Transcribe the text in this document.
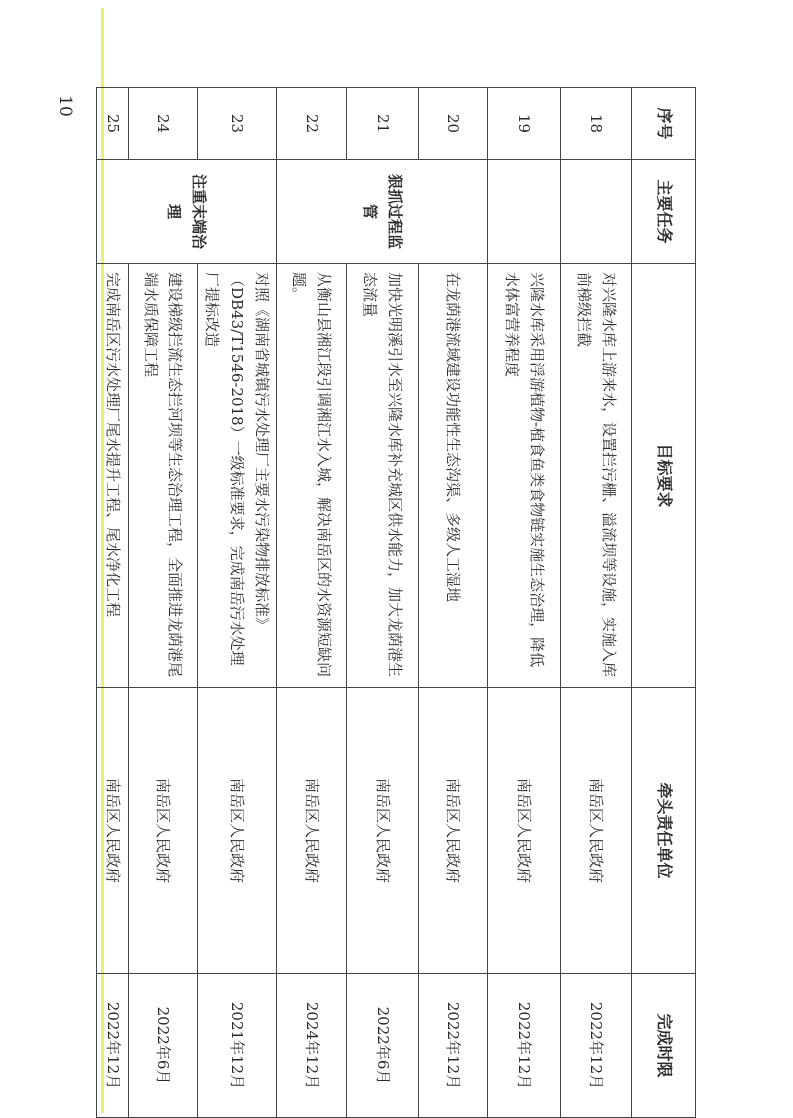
10
序号	主要任务	目标要求	牵头责任单位	完成时限
18		对兴隆水库上游来水，设置拦污栅、溢流坝等设施，实施入库前梯级拦截	南岳区人民政府	2022年12月
19		兴隆水库采用浮游植物-植食鱼类食物链实施生态治理，降低水体富营养程度	南岳区人民政府	2022年12月
20	狠抓过程监管	在龙荫港流域建设功能性生态沟渠、多级人工湿地	南岳区人民政府	2022年12月
21		加快光明溪引水至兴隆水库补充城区供水能力，加大龙荫港生态流量	南岳区人民政府	2022年6月
22		从衡山县湘江段引调湘江水入城，解决南岳区的水资源短缺问题。	南岳区人民政府	2024年12月
23	注重末端治理	对照《湖南省城镇污水处理厂主要水污染物排放标准》（DB43/T1546-2018）一级标准要求，完成南岳污水处理厂提标改造	南岳区人民政府	2021年12月
24		建设梯级拦流生态拦河坝等生态治理工程，全面推进龙荫港尾端水质保障工程	南岳区人民政府	2022年6月
25		完成南岳区污水处理厂尾水提升工程、尾水净化工程	南岳区人民政府	2022年12月
